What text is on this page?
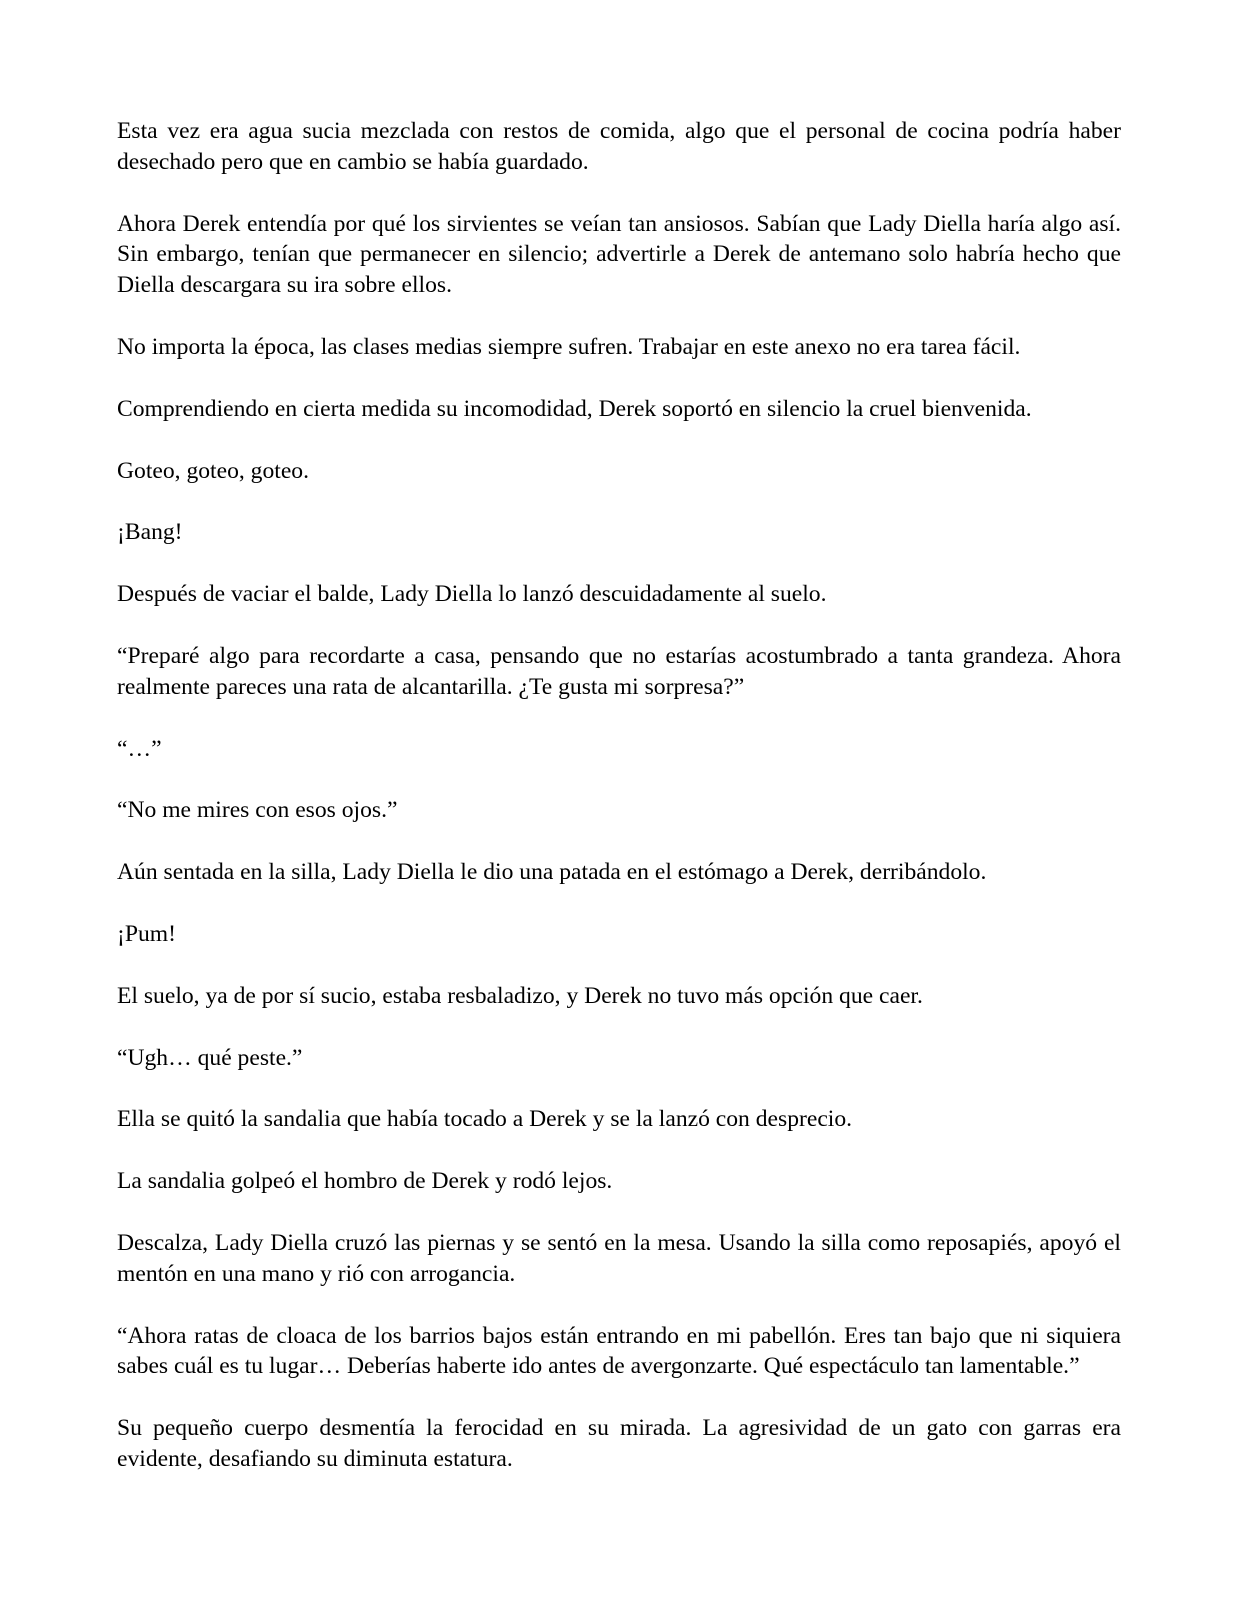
Esta vez era agua sucia mezclada con restos de comida, algo que el personal de cocina podría haber desechado pero que en cambio se había guardado.

Ahora Derek entendía por qué los sirvientes se veían tan ansiosos. Sabían que Lady Diella haría algo así. Sin embargo, tenían que permanecer en silencio; advertirle a Derek de antemano solo habría hecho que Diella descargara su ira sobre ellos.

No importa la época, las clases medias siempre sufren. Trabajar en este anexo no era tarea fácil.

Comprendiendo en cierta medida su incomodidad, Derek soportó en silencio la cruel bienvenida.

Goteo, goteo, goteo.

¡Bang!

Después de vaciar el balde, Lady Diella lo lanzó descuidadamente al suelo.

“Preparé algo para recordarte a casa, pensando que no estarías acostumbrado a tanta grandeza. Ahora realmente pareces una rata de alcantarilla. ¿Te gusta mi sorpresa?”

“…”

“No me mires con esos ojos.”

Aún sentada en la silla, Lady Diella le dio una patada en el estómago a Derek, derribándolo.

¡Pum!

El suelo, ya de por sí sucio, estaba resbaladizo, y Derek no tuvo más opción que caer.

“Ugh… qué peste.”

Ella se quitó la sandalia que había tocado a Derek y se la lanzó con desprecio.

La sandalia golpeó el hombro de Derek y rodó lejos.

Descalza, Lady Diella cruzó las piernas y se sentó en la mesa. Usando la silla como reposapiés, apoyó el mentón en una mano y rió con arrogancia.

“Ahora ratas de cloaca de los barrios bajos están entrando en mi pabellón. Eres tan bajo que ni siquiera sabes cuál es tu lugar… Deberías haberte ido antes de avergonzarte. Qué espectáculo tan lamentable.”

Su pequeño cuerpo desmentía la ferocidad en su mirada. La agresividad de un gato con garras era evidente, desafiando su diminuta estatura.
